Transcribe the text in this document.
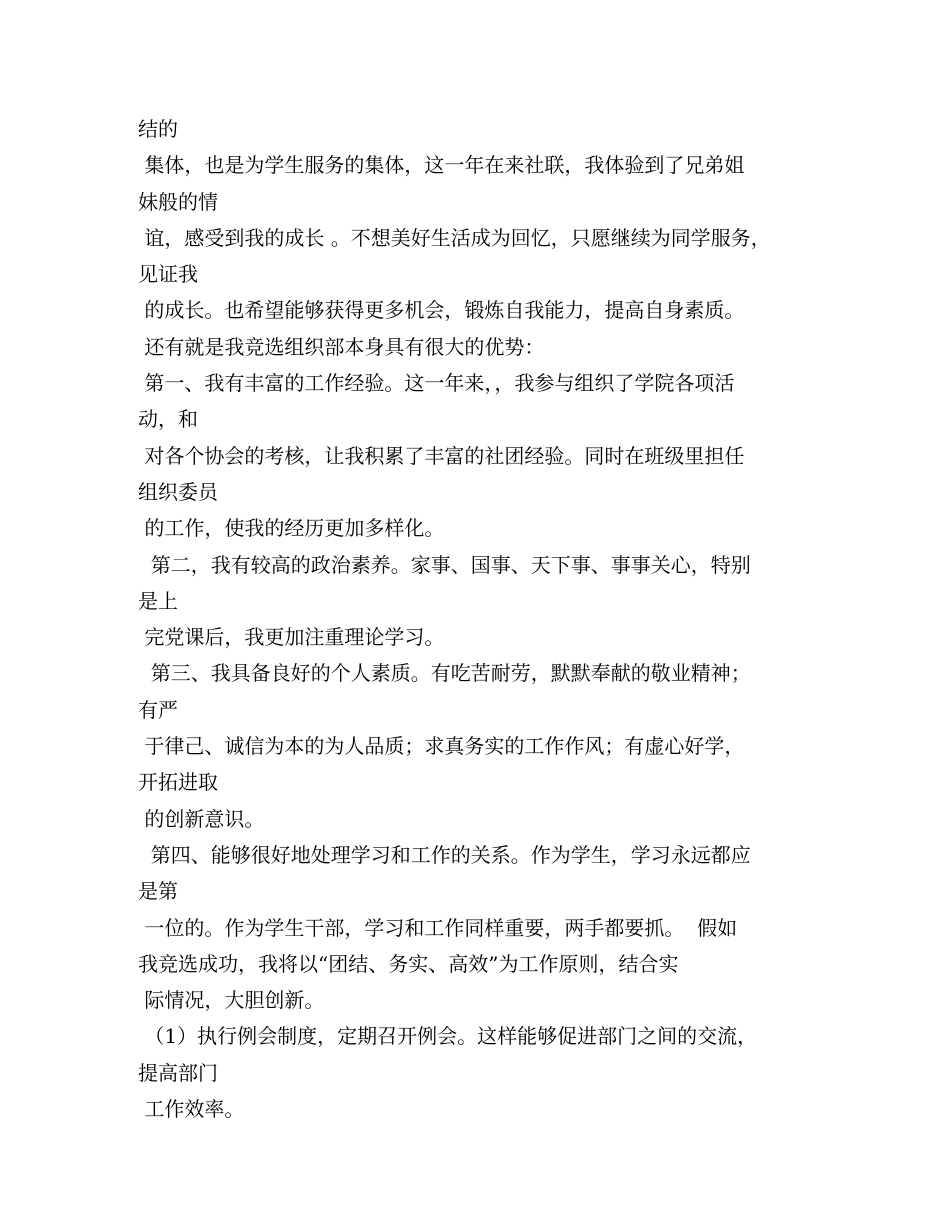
结的
集体，也是为学生服务的集体，这一年在来社联，我体验到了兄弟姐
妹般的情
谊，感受到我的成长 。不想美好生活成为回忆，只愿继续为同学服务，
见证我
的成长。也希望能够获得更多机会，锻炼自我能力，提高自身素质。
还有就是我竞选组织部本身具有很大的优势：
第一、我有丰富的工作经验。这一年来，，我参与组织了学院各项活
动，和
对各个协会的考核，让我积累了丰富的社团经验。同时在班级里担任
组织委员
的工作，使我的经历更加多样化。
第二，我有较高的政治素养。家事、国事、天下事、事事关心，特别
是上
完党课后，我更加注重理论学习。
第三、我具备良好的个人素质。有吃苦耐劳，默默奉献的敬业精神；
有严
于律己、诚信为本的为人品质；求真务实的工作作风；有虚心好学，
开拓进取
的创新意识。
第四、能够很好地处理学习和工作的关系。作为学生，学习永远都应
是第
一位的。作为学生干部，学习和工作同样重要，两手都要抓。  假如
我竞选成功，我将以“团结、务实、高效”为工作原则，结合实
际情况，大胆创新。
（1）执行例会制度，定期召开例会。这样能够促进部门之间的交流，
提高部门
工作效率。
